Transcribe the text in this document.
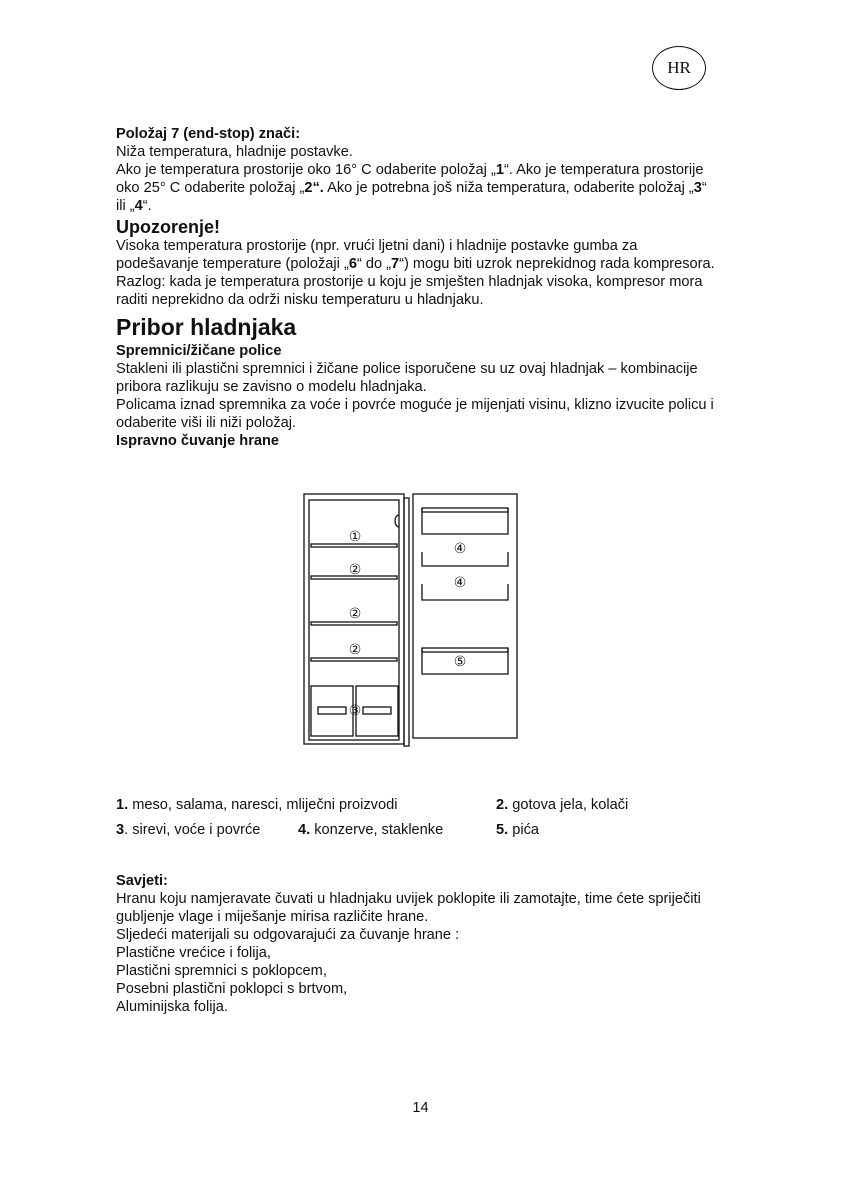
HR

Položaj 7 (end-stop) znači:

Niža temperatura, hladnije postavke.

Ako je temperatura prostorije oko 16° C odaberite položaj „1“. Ako je temperatura prostorije oko 25° C odaberite položaj „2“. Ako je potrebna još niža temperatura, odaberite položaj „3“ ili „4“.

Upozorenje!

Visoka temperatura prostorije (npr. vrući ljetni dani) i hladnije postavke gumba za podešavanje temperature (položaji „6“ do „7“) mogu biti uzrok neprekidnog rada kompresora.

Razlog: kada je temperatura prostorije u koju je smješten hladnjak visoka, kompresor mora raditi neprekidno da održi nisku temperaturu u hladnjaku.

Pribor hladnjaka

Spremnici/žičane police

Stakleni ili plastični spremnici i žičane police isporučene su uz ovaj hladnjak – kombinacije pribora razlikuju se zavisno o modelu hladnjaka.

Policama iznad spremnika za voće i povrće moguće je mijenjati visinu, klizno izvucite policu i odaberite viši ili niži položaj.

Ispravno čuvanje hrane

①
②
②
②
③
④
④
⑤
1. meso, salama, naresci, mliječni proizvodi	2. gotova jela, kolači
3. sirevi, voće i povrće	4. konzerve, staklenke	5. pića

Savjeti:

Hranu koju namjeravate čuvati u hladnjaku uvijek poklopite ili zamotajte, time ćete spriječiti gubljenje vlage i miješanje mirisa različite hrane.

Sljedeći materijali su odgovarajući za čuvanje hrane :

Plastične vrećice i folija,

Plastični spremnici s poklopcem,

Posebni plastični poklopci s brtvom,

Aluminijska folija.

14
